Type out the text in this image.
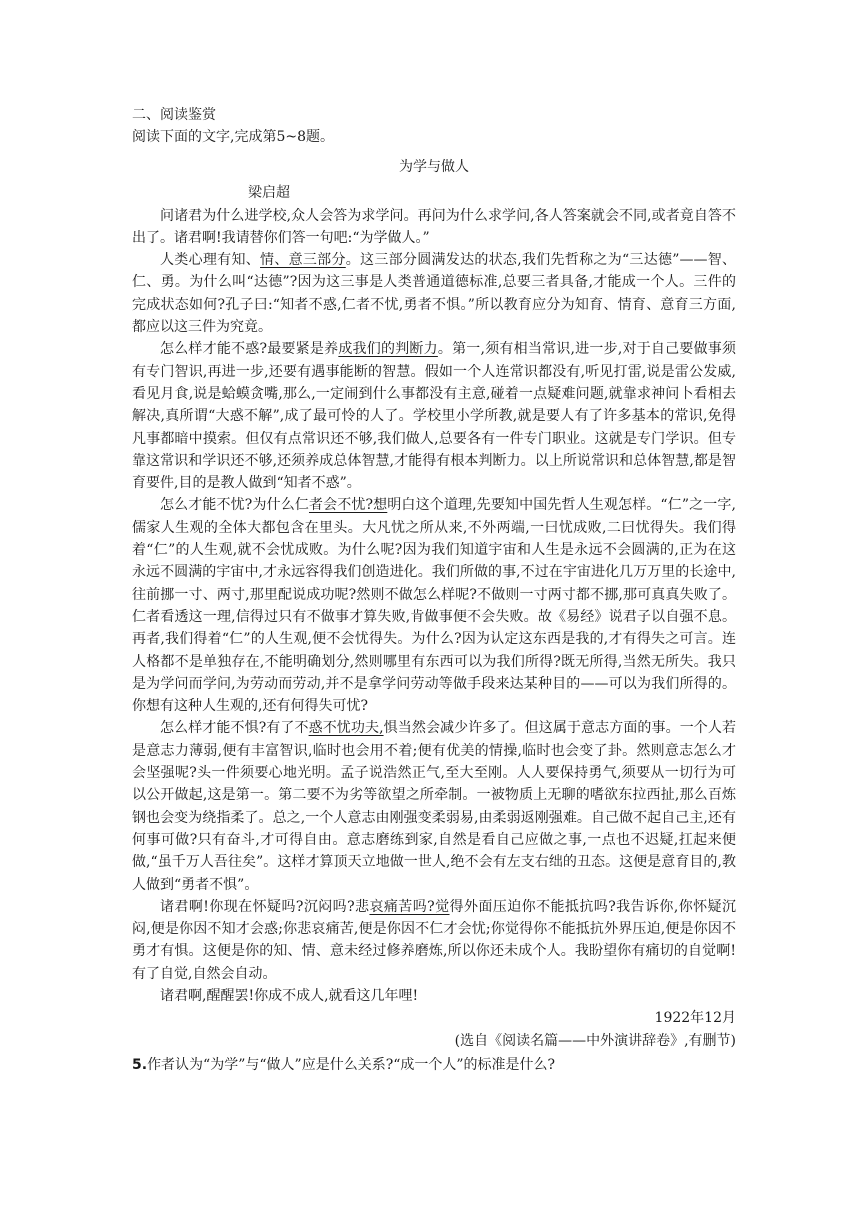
二、阅读鉴赏
阅读下面的文字,完成第5~8题。
为学与做人
梁启超

问诸君为什么进学校,众人会答为求学问。再问为什么求学问,各人答案就会不同,或者竟自答不出了。诸君啊!我请替你们答一句吧:“为学做人。”

人类心理有知、情、意三部分。这三部分圆满发达的状态,我们先哲称之为“三达德”——智、仁、勇。为什么叫“达德”?因为这三事是人类普通道德标准,总要三者具备,才能成一个人。三件的完成状态如何?孔子曰:“知者不惑,仁者不忧,勇者不惧。”所以教育应分为知育、情育、意育三方面,都应以这三件为究竟。

怎么样才能不惑?最要紧是养成我们的判断力。第一,须有相当常识,进一步,对于自己要做事须有专门智识,再进一步,还要有遇事能断的智慧。假如一个人连常识都没有,听见打雷,说是雷公发威,看见月食,说是蛤蟆贪嘴,那么,一定闹到什么事都没有主意,碰着一点疑难问题,就靠求神问卜看相去解决,真所谓“大惑不解”,成了最可怜的人了。学校里小学所教,就是要人有了许多基本的常识,免得凡事都暗中摸索。但仅有点常识还不够,我们做人,总要各有一件专门职业。这就是专门学识。但专靠这常识和学识还不够,还须养成总体智慧,才能得有根本判断力。以上所说常识和总体智慧,都是智育要件,目的是教人做到“知者不惑”。

怎么才能不忧?为什么仁者会不忧?想明白这个道理,先要知中国先哲人生观怎样。“仁”之一字,儒家人生观的全体大都包含在里头。大凡忧之所从来,不外两端,一曰忧成败,二曰忧得失。我们得着“仁”的人生观,就不会忧成败。为什么呢?因为我们知道宇宙和人生是永远不会圆满的,正为在这永远不圆满的宇宙中,才永远容得我们创造进化。我们所做的事,不过在宇宙进化几万万里的长途中,往前挪一寸、两寸,那里配说成功呢?然则不做怎么样呢?不做则一寸两寸都不挪,那可真真失败了。仁者看透这一理,信得过只有不做事才算失败,肯做事便不会失败。故《易经》说君子以自强不息。再者,我们得着“仁”的人生观,便不会忧得失。为什么?因为认定这东西是我的,才有得失之可言。连人格都不是单独存在,不能明确划分,然则哪里有东西可以为我们所得?既无所得,当然无所失。我只是为学问而学问,为劳动而劳动,并不是拿学问劳动等做手段来达某种目的——可以为我们所得的。你想有这种人生观的,还有何得失可忧?

怎么样才能不惧?有了不惑不忧功夫,惧当然会减少许多了。但这属于意志方面的事。一个人若是意志力薄弱,便有丰富智识,临时也会用不着;便有优美的情操,临时也会变了卦。然则意志怎么才会坚强呢?头一件须要心地光明。孟子说浩然正气,至大至刚。人人要保持勇气,须要从一切行为可以公开做起,这是第一。第二要不为劣等欲望之所牵制。一被物质上无聊的嗜欲东拉西扯,那么百炼钢也会变为绕指柔了。总之,一个人意志由刚强变柔弱易,由柔弱返刚强难。自己做不起自己主,还有何事可做?只有奋斗,才可得自由。意志磨练到家,自然是看自己应做之事,一点也不迟疑,扛起来便做,“虽千万人吾往矣”。这样才算顶天立地做一世人,绝不会有左支右绌的丑态。这便是意育目的,教人做到“勇者不惧”。

诸君啊!你现在怀疑吗?沉闷吗?悲哀痛苦吗?觉得外面压迫你不能抵抗吗?我告诉你,你怀疑沉闷,便是你因不知才会惑;你悲哀痛苦,便是你因不仁才会忧;你觉得你不能抵抗外界压迫,便是你因不勇才有惧。这便是你的知、情、意未经过修养磨炼,所以你还未成个人。我盼望你有痛切的自觉啊!有了自觉,自然会自动。

诸君啊,醒醒罢!你成不成人,就看这几年哩!

1922年12月
(选自《阅读名篇——中外演讲辞卷》,有删节)
5.作者认为“为学”与“做人”应是什么关系?“成一个人”的标准是什么?
